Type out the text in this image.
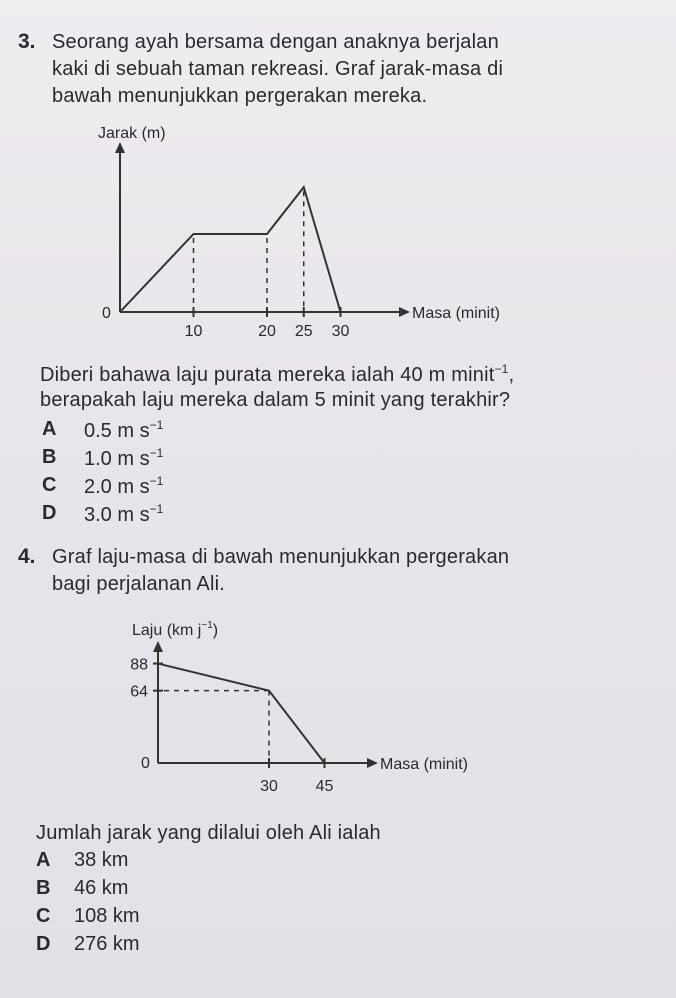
3. Seorang ayah bersama dengan anaknya berjalan
kaki di sebuah taman rekreasi. Graf jarak-masa di
bawah menunjukkan pergerakan mereka.
Jarak (m)
Masa (minit)
0
10	20 25 30
Diberi bahawa laju purata mereka ialah 40 m minit$^{-1}$,
berapakah laju mereka dalam 5 minit yang terakhir?
A 0.5 m $s^{-1}$
B 1.0 m $s^{-1}$
C 2.0 m $s^{-1}$
D 3.0 m $s^{-1}$
4. Graf laju-masa di bawah menunjukkan pergerakan
bagi perjalanan Ali.
Laju (km $j^{-1}$)
Masa (minit)
0
30 45
88
64
Jumlah jarak yang dilalui oleh Ali ialah
A 38 km
B 46 km
C 108 km
D 276 km
